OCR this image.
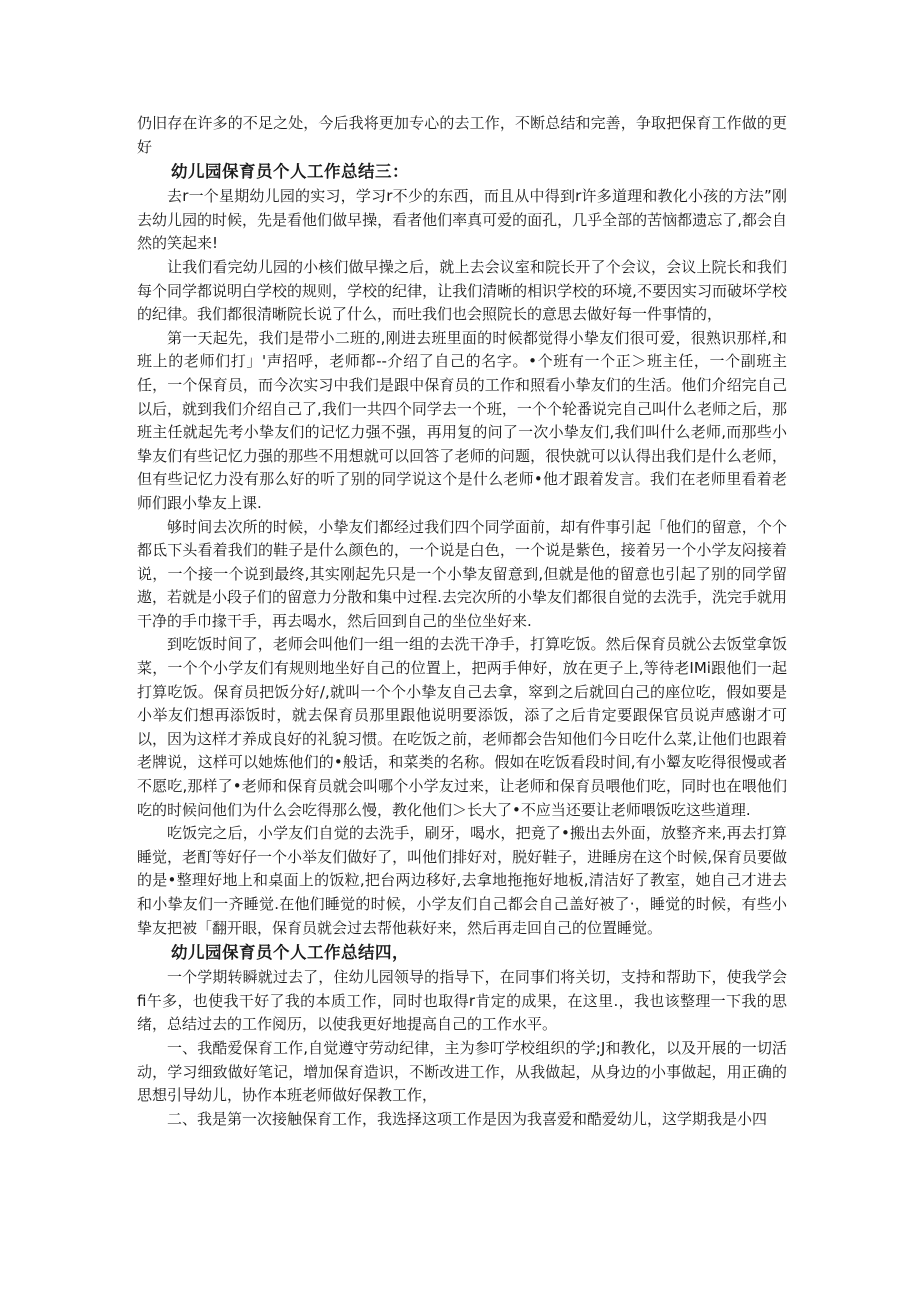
仍旧存在许多的不足之处，今后我将更加专心的去工作，不断总结和完善，争取把保育工作做的更好

幼儿园保育员个人工作总结三：

去r一个星期幼儿园的实习，学习r不少的东西，而且从中得到r许多道理和教化小孩的方法”刚去幼儿园的时候，先是看他们做早操，看者他们率真可爱的面孔，几乎全部的苦恼都遗忘了,都会自然的笑起来!

让我们看完幼儿园的小核们做早操之后，就上去会议室和院长开了个会议，会议上院长和我们每个同学都说明白学校的规则，学校的纪律，让我们清晰的相识学校的环境,不要因实习而破坏学校的纪律。我们都很清晰院长说了什么，而吐我们也会照院长的意思去做好每一件事情的，

第一天起先，我们是带小二班的,刚进去班里面的时候都觉得小挚友们很可爱，很熟识那样,和班上的老师们打」'声招呼，老师都--介绍了自己的名字。•个班有一个正＞班主任，一个副班主任，一个保育员，而今次实习中我们是跟中保育员的工作和照看小挚友们的生活。他们介绍完自己以后，就到我们介绍自己了,我们一共四个同学去一个班，一个个轮番说完自己叫什么老师之后，那班主任就起先考小挚友们的记忆力强不强，再用复的问了一次小挚友们,我们叫什么老师,而那些小挚友们有些记忆力强的那些不用想就可以回答了老师的问题，很快就可以认得出我们是什么老师，但有些记忆力没有那么好的听了别的同学说这个是什么老师•他才跟着发言。我们在老师里看着老师们跟小挚友上课.

够时间去次所的时候，小挚友们都经过我们四个同学面前，却有件事引起「他们的留意，个个都氐下头看着我们的鞋子是什么颜色的，一个说是白色，一个说是紫色，接着另一个小学友闷接着说，一个接一个说到最终,其实刚起先只是一个小挚友留意到,但就是他的留意也引起了别的同学留遨，若就是小段子们的留意力分散和集中过程.去完次所的小挚友们都很自觉的去洗手，洗完手就用干净的手巾掾干手，再去喝水，然后回到自己的坐位坐好来.

到吃饭时间了，老师会叫他们一组一组的去洗干净手，打算吃饭。然后保育员就公去饭堂拿饭菜，一个个小学友们有规则地坐好自己的位置上，把两手伸好，放在更子上,等待老IMi跟他们一起打算吃饭。保育员把饭分好/,就叫一个个小挚友自己去拿，窣到之后就回白己的座位吃，假如要是小举友们想再添饭时，就去保育员那里跟他说明要添饭，添了之后肯定要跟保官员说声感谢才可以，因为这样才养成良好的礼貌习惯。在吃饭之前，老师都会告知他们今日吃什么菜,让他们也跟着老牌说，这样可以她炼他们的•般话，和菜类的名称。假如在吃饭看段时间,有小颦友吃得很慢或者不愿吃,那样了•老师和保育员就会叫哪个小学友过来，让老师和保育员喂他们吃，同时也在喂他们吃的时候问他们为什么会吃得那么慢，教化他们＞长大了•不应当还要让老师喂饭吃这些道理.

吃饭完之后，小学友们自觉的去洗手，刷牙，喝水，把竟了•搬出去外面，放整齐来,再去打算睡觉，老酊等好仔一个小举友们做好了，叫他们排好对，脱好鞋子，进睡房在这个时候,保育员要做的是•整理好地上和桌面上的饭粒,把台两边移好,去拿地拖拖好地板,清洁好了教室，她自己才进去和小挚友们一齐睡觉.在他们睡觉的时候，小学友们自己都会自己盖好被了·，睡觉的时候，有些小挚友把被「翻开眼，保育员就会过去帮他萩好来，然后再走回自己的位置睡觉。

幼儿园保育员个人工作总结四，

一个学期转瞬就过去了，住幼儿园领导的指导下，在同事们将关切，支持和帮助下，使我学会fi午多，也使我干好了我的本质工作，同时也取得r肯定的成果，在这里.，我也该整理一下我的思绪，总结过去的工作阅历，以使我更好地提高自己的工作水平。

一、我酷爱保育工作,自觉遵守劳动纪律，主为参叮学校组织的学;J和教化，以及开展的一切活动，学习细致做好笔记，增加保育造识，不断改进工作，从我做起，从身边的小事做起，用正确的思想引导幼儿，协作本班老师做好保教工作，

二、我是第一次接触保育工作，我选择这项工作是因为我喜爱和酷爱幼儿，这学期我是小四
